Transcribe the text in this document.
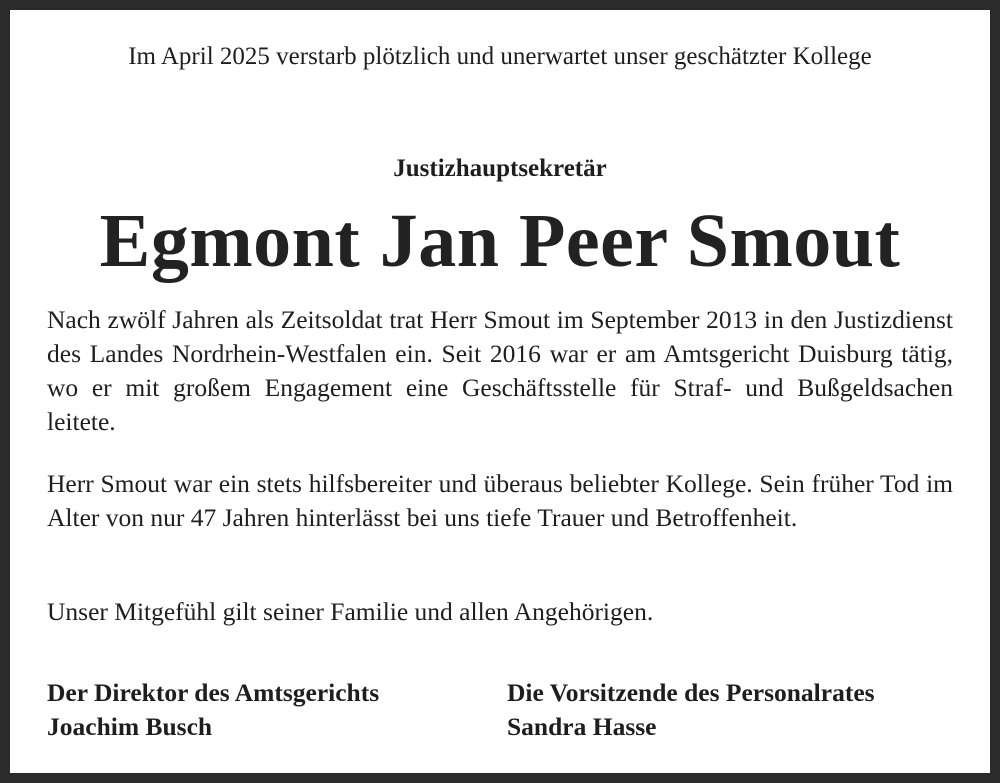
Im April 2025 verstarb plötzlich und unerwartet unser geschätzter Kollege
Justizhauptsekretär
Egmont Jan Peer Smout

Nach zwölf Jahren als Zeitsoldat trat Herr Smout im September 2013 in den Justizdienst des Landes Nordrhein-Westfalen ein. Seit 2016 war er am Amtsgericht Duisburg tätig, wo er mit großem Engagement eine Geschäftsstelle für Straf- und Bußgeldsachen leitete.

Herr Smout war ein stets hilfsbereiter und überaus beliebter Kollege. Sein früher Tod im Alter von nur 47 Jahren hinterlässt bei uns tiefe Trauer und Betroffenheit.

Unser Mitgefühl gilt seiner Familie und allen Angehörigen.

Der Direktor des Amtsgerichts
Joachim Busch
Die Vorsitzende des Personalrates
Sandra Hasse
